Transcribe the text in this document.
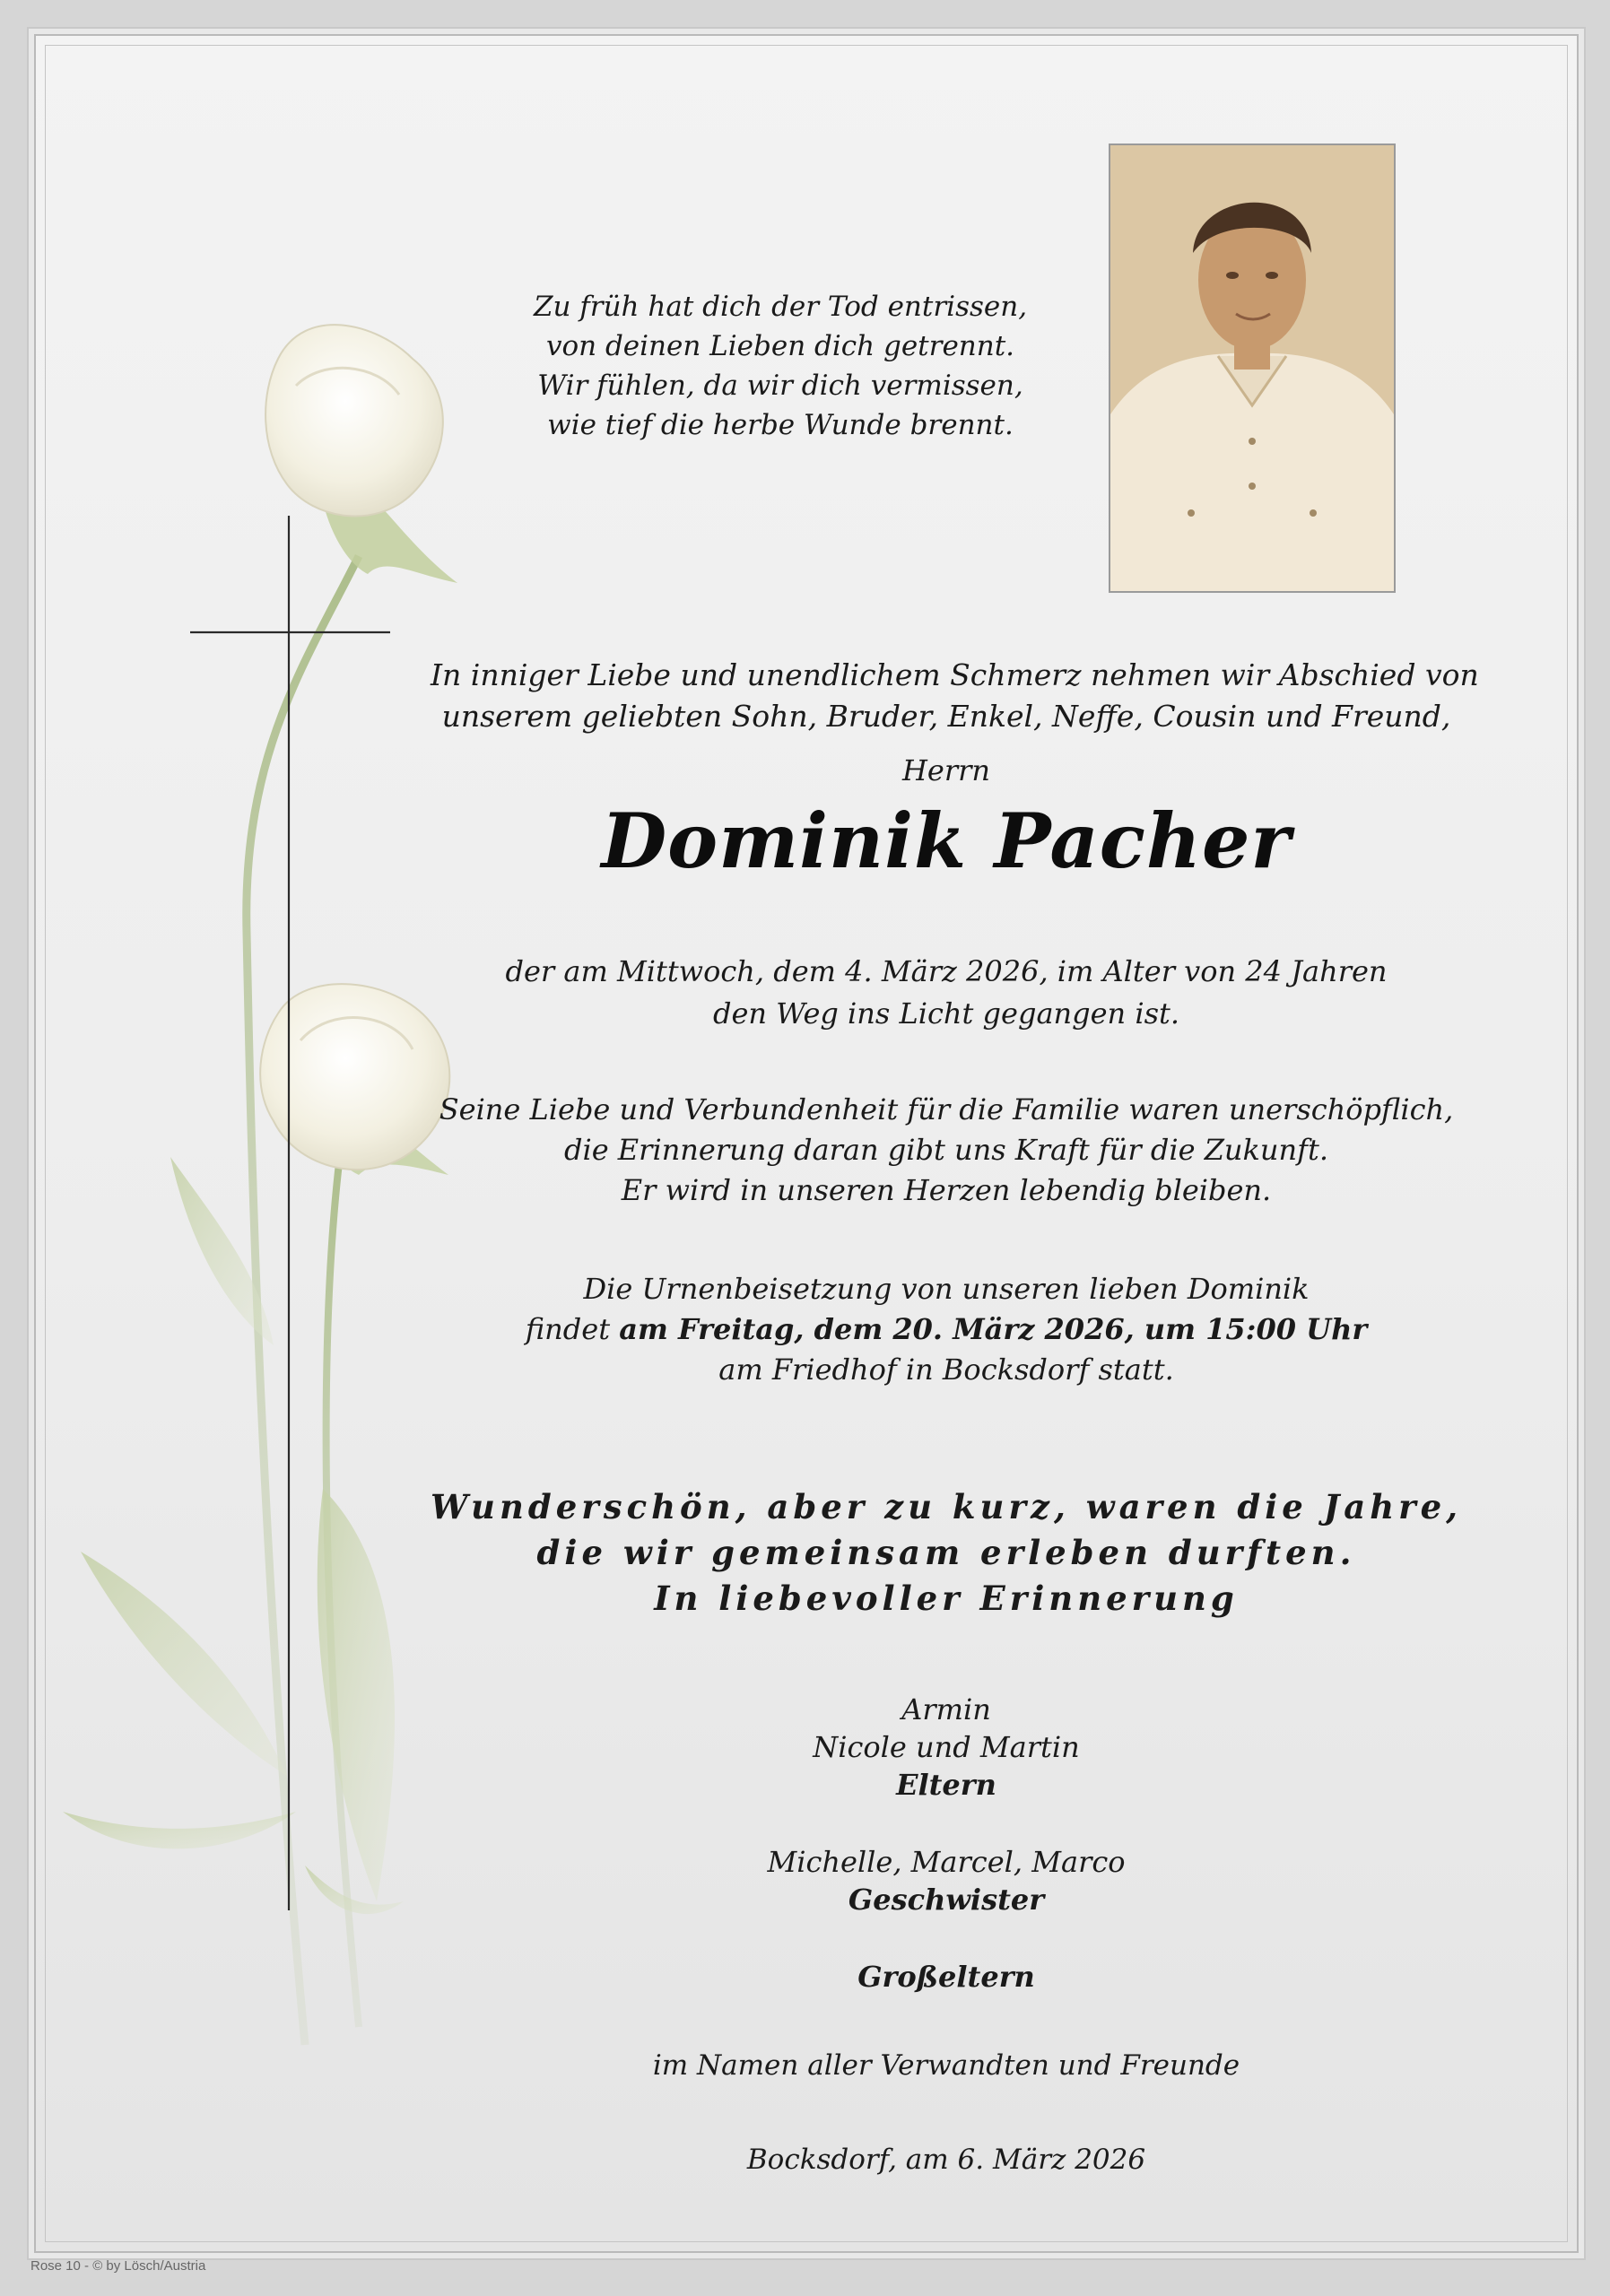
Zu früh hat dich der Tod entrissen,
von deinen Lieben dich getrennt.
Wir fühlen, da wir dich vermissen,
wie tief die herbe Wunde brennt.
In inniger Liebe und unendlichem Schmerz nehmen wir Abschied von
unserem geliebten Sohn, Bruder, Enkel, Neffe, Cousin und Freund,
Herrn
Dominik Pacher
der am Mittwoch, dem 4. März 2026, im Alter von 24 Jahren
den Weg ins Licht gegangen ist.
Seine Liebe und Verbundenheit für die Familie waren unerschöpflich,
die Erinnerung daran gibt uns Kraft für die Zukunft.
Er wird in unseren Herzen lebendig bleiben.
Die Urnenbeisetzung von unseren lieben Dominik
findet am Freitag, dem 20. März 2026, um 15:00 Uhr
am Friedhof in Bocksdorf statt.
Wunderschön, aber zu kurz, waren die Jahre,
die wir gemeinsam erleben durften.
In liebevoller Erinnerung
Armin
Nicole und Martin
Eltern
Michelle, Marcel, Marco
Geschwister
Großeltern
im Namen aller Verwandten und Freunde
Bocksdorf, am 6. März 2026
Rose 10 - © by Lösch/Austria
